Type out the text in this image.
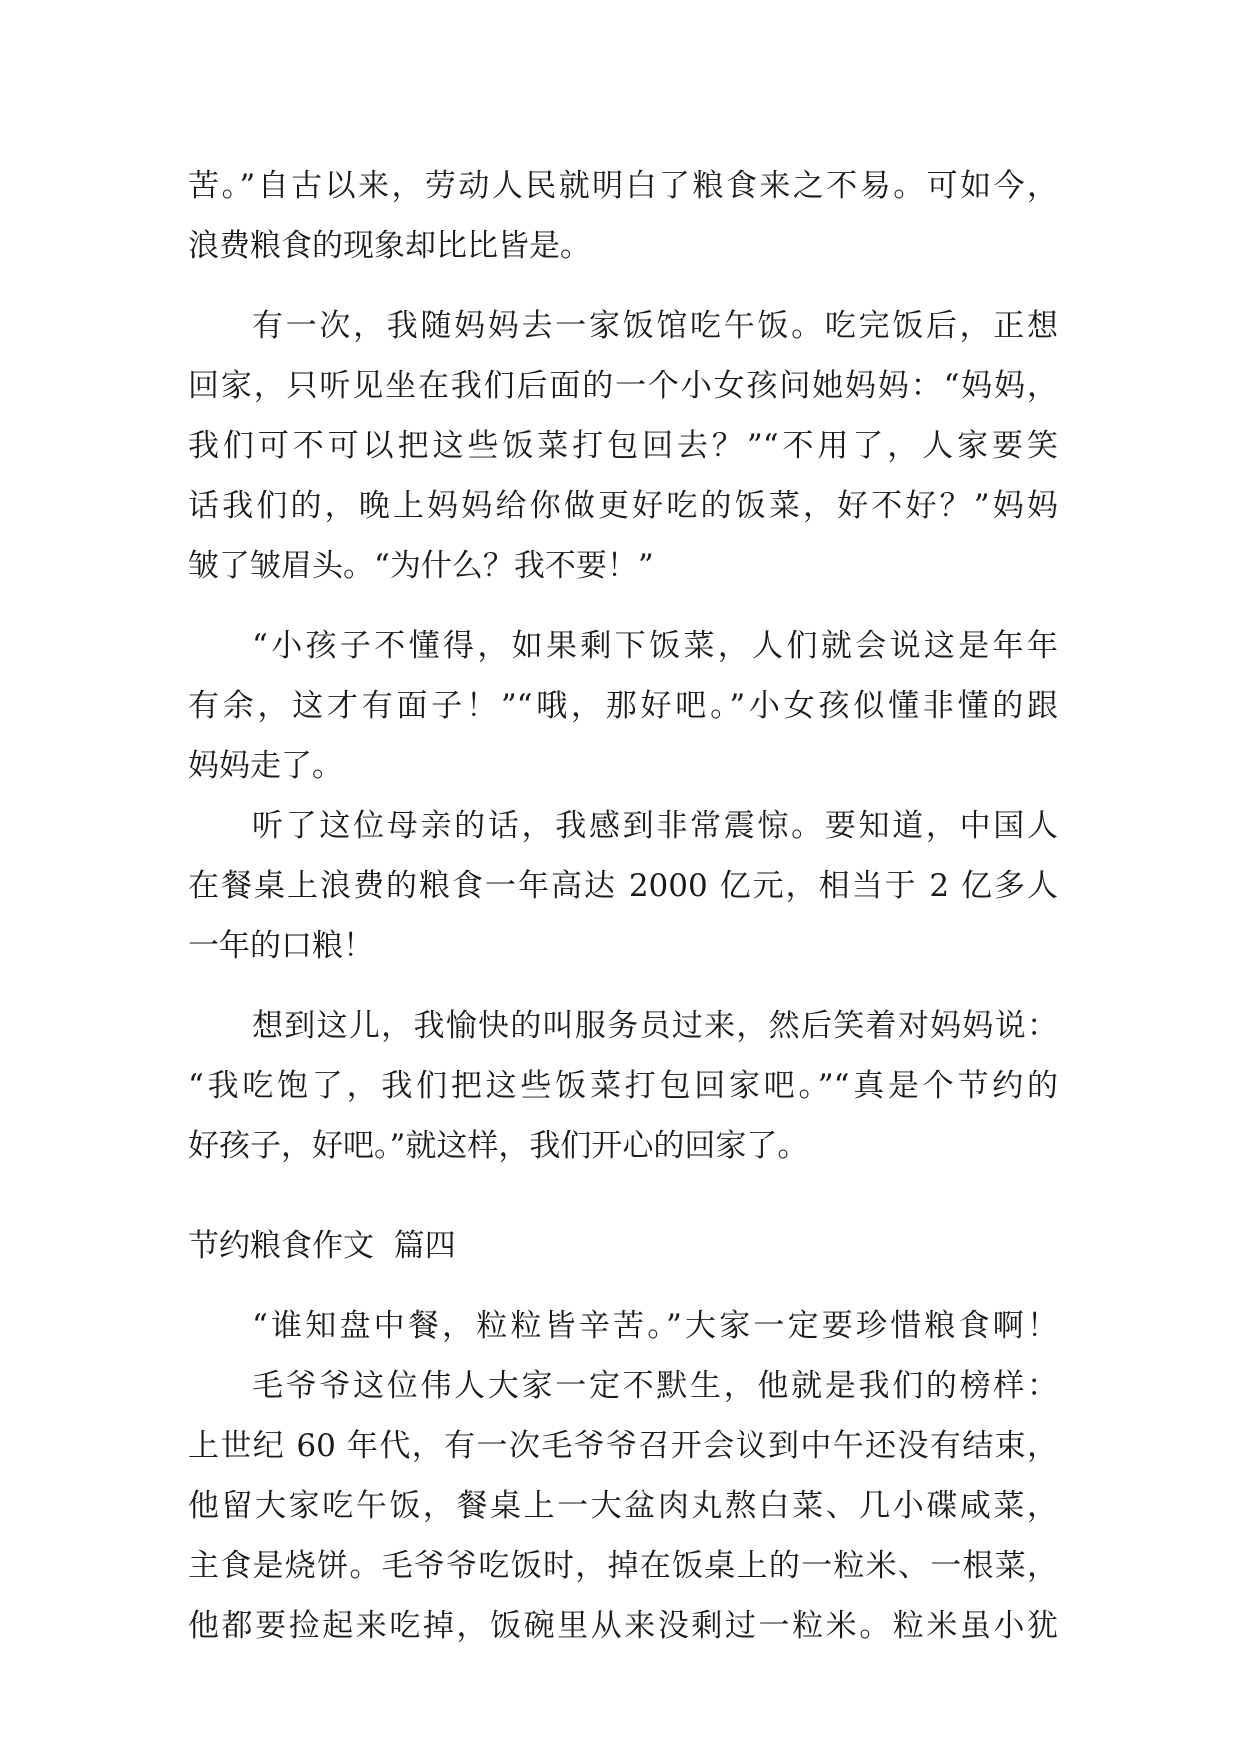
苦。”自古以来，劳动人民就明白了粮食来之不易。可如今，
浪费粮食的现象却比比皆是。
有一次，我随妈妈去一家饭馆吃午饭。吃完饭后，正想
回家，只听见坐在我们后面的一个小女孩问她妈妈：“妈妈，
我们可不可以把这些饭菜打包回去？”“不用了，人家要笑
话我们的，晚上妈妈给你做更好吃的饭菜，好不好？”妈妈
皱了皱眉头。“为什么？我不要！”
“小孩子不懂得，如果剩下饭菜，人们就会说这是年年
有余，这才有面子！”“哦，那好吧。”小女孩似懂非懂的跟
妈妈走了。
听了这位母亲的话，我感到非常震惊。要知道，中国人
在餐桌上浪费的粮食一年高达 2000 亿元，相当于 2 亿多人
一年的口粮！
想到这儿，我愉快的叫服务员过来，然后笑着对妈妈说：
“我吃饱了，我们把这些饭菜打包回家吧。”“真是个节约的
好孩子，好吧。”就这样，我们开心的回家了。
节约粮食作文  篇四
“谁知盘中餐，粒粒皆辛苦。”大家一定要珍惜粮食啊！
毛爷爷这位伟人大家一定不默生，他就是我们的榜样：
上世纪 60 年代，有一次毛爷爷召开会议到中午还没有结束，
他留大家吃午饭，餐桌上一大盆肉丸熬白菜、几小碟咸菜，
主食是烧饼。毛爷爷吃饭时，掉在饭桌上的一粒米、一根菜，
他都要捡起来吃掉，饭碗里从来没剩过一粒米。粒米虽小犹
